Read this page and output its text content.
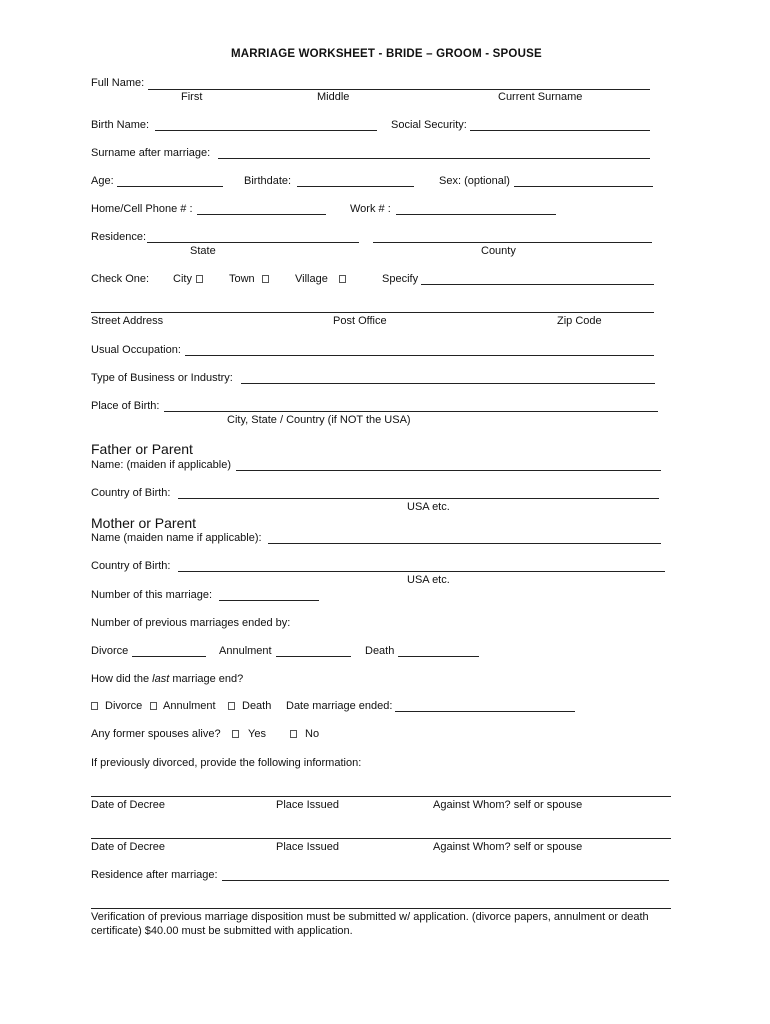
MARRIAGE WORKSHEET - BRIDE – GROOM - SPOUSE
Full Name:
First	Middle	Current Surname
Birth Name:	Social Security:
Surname after marriage:
Age:	Birthdate:	Sex: (optional)
Home/Cell Phone # :	Work # :
Residence:
State	County
Check One: City	Town	Village	Specify
Street Address	Post Office	Zip Code
Usual Occupation:
Type of Business or Industry:
Place of Birth:
City, State / Country (if NOT the USA)
Father or Parent
Name: (maiden if applicable)
Country of Birth:
USA etc.
Mother or Parent
Name (maiden name if applicable):
Country of Birth:
USA etc.
Number of this marriage:
Number of previous marriages ended by:
Divorce	Annulment	Death
How did the last marriage end?
Divorce Annulment Death Date marriage ended:
Any former spouses alive? Yes	No
If previously divorced, provide the following information:
Date of Decree	Place Issued	Against Whom? self or spouse
Date of Decree	Place Issued	Against Whom? self or spouse
Residence after marriage:
Verification of previous marriage disposition must be submitted w/ application. (divorce papers, annulment or death
certificate) $40.00 must be submitted with application.
